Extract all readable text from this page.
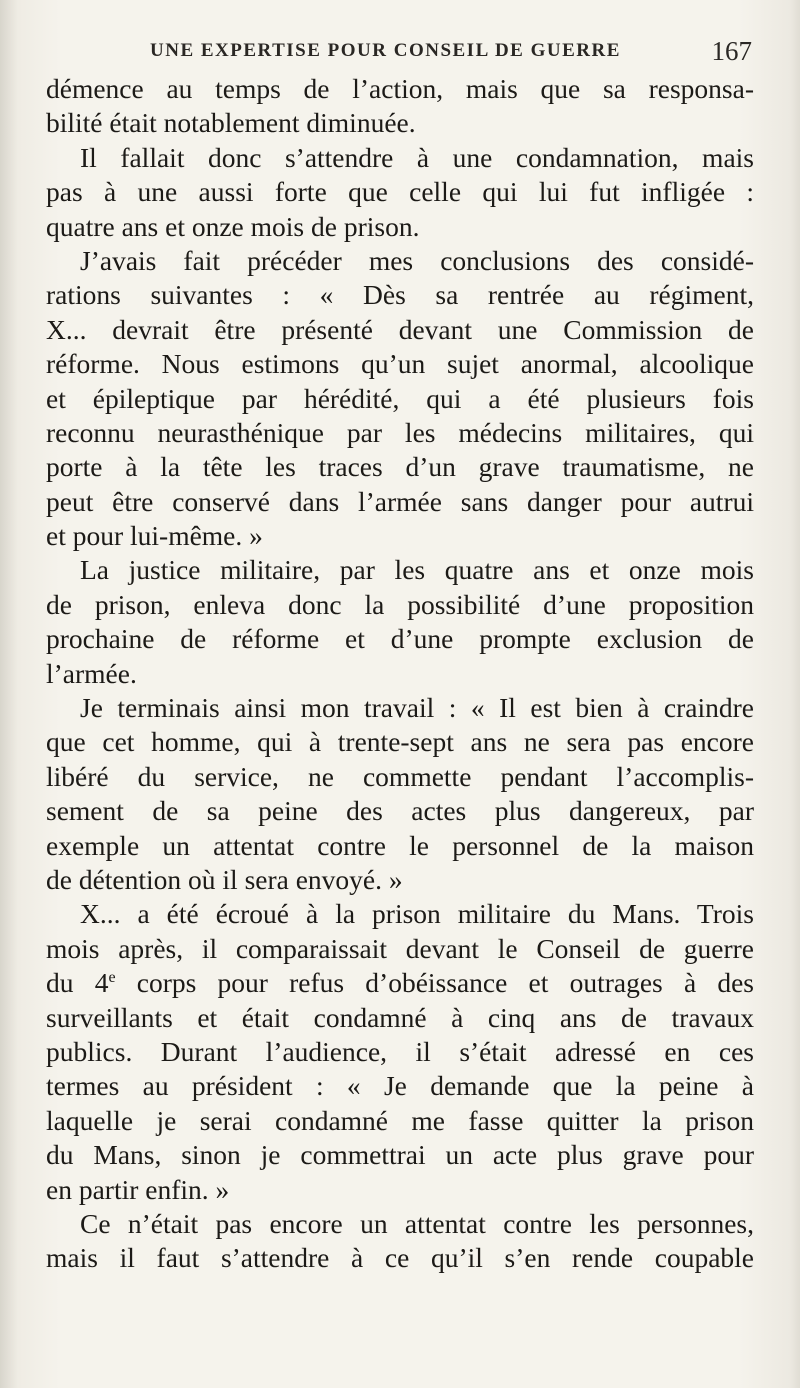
UNE EXPERTISE POUR CONSEIL DE GUERRE	167
démence au temps de l’action, mais que sa responsa-
bilité était notablement diminuée.
Il fallait donc s’attendre à une condamnation, mais
pas à une aussi forte que celle qui lui fut infligée :
quatre ans et onze mois de prison.
J’avais fait précéder mes conclusions des considé-
rations suivantes : « Dès sa rentrée au régiment,
X... devrait être présenté devant une Commission de
réforme. Nous estimons qu’un sujet anormal, alcoolique
et épileptique par hérédité, qui a été plusieurs fois
reconnu neurasthénique par les médecins militaires, qui
porte à la tête les traces d’un grave traumatisme, ne
peut être conservé dans l’armée sans danger pour autrui
et pour lui-même. »
La justice militaire, par les quatre ans et onze mois
de prison, enleva donc la possibilité d’une proposition
prochaine de réforme et d’une prompte exclusion de
l’armée.
Je terminais ainsi mon travail : « Il est bien à craindre
que cet homme, qui à trente-sept ans ne sera pas encore
libéré du service, ne commette pendant l’accomplis-
sement de sa peine des actes plus dangereux, par
exemple un attentat contre le personnel de la maison
de détention où il sera envoyé. »
X... a été écroué à la prison militaire du Mans. Trois
mois après, il comparaissait devant le Conseil de guerre
du 4e corps pour refus d’obéissance et outrages à des
surveillants et était condamné à cinq ans de travaux
publics. Durant l’audience, il s’était adressé en ces
termes au président : « Je demande que la peine à
laquelle je serai condamné me fasse quitter la prison
du Mans, sinon je commettrai un acte plus grave pour
en partir enfin. »
Ce n’était pas encore un attentat contre les personnes,
mais il faut s’attendre à ce qu’il s’en rende coupable
